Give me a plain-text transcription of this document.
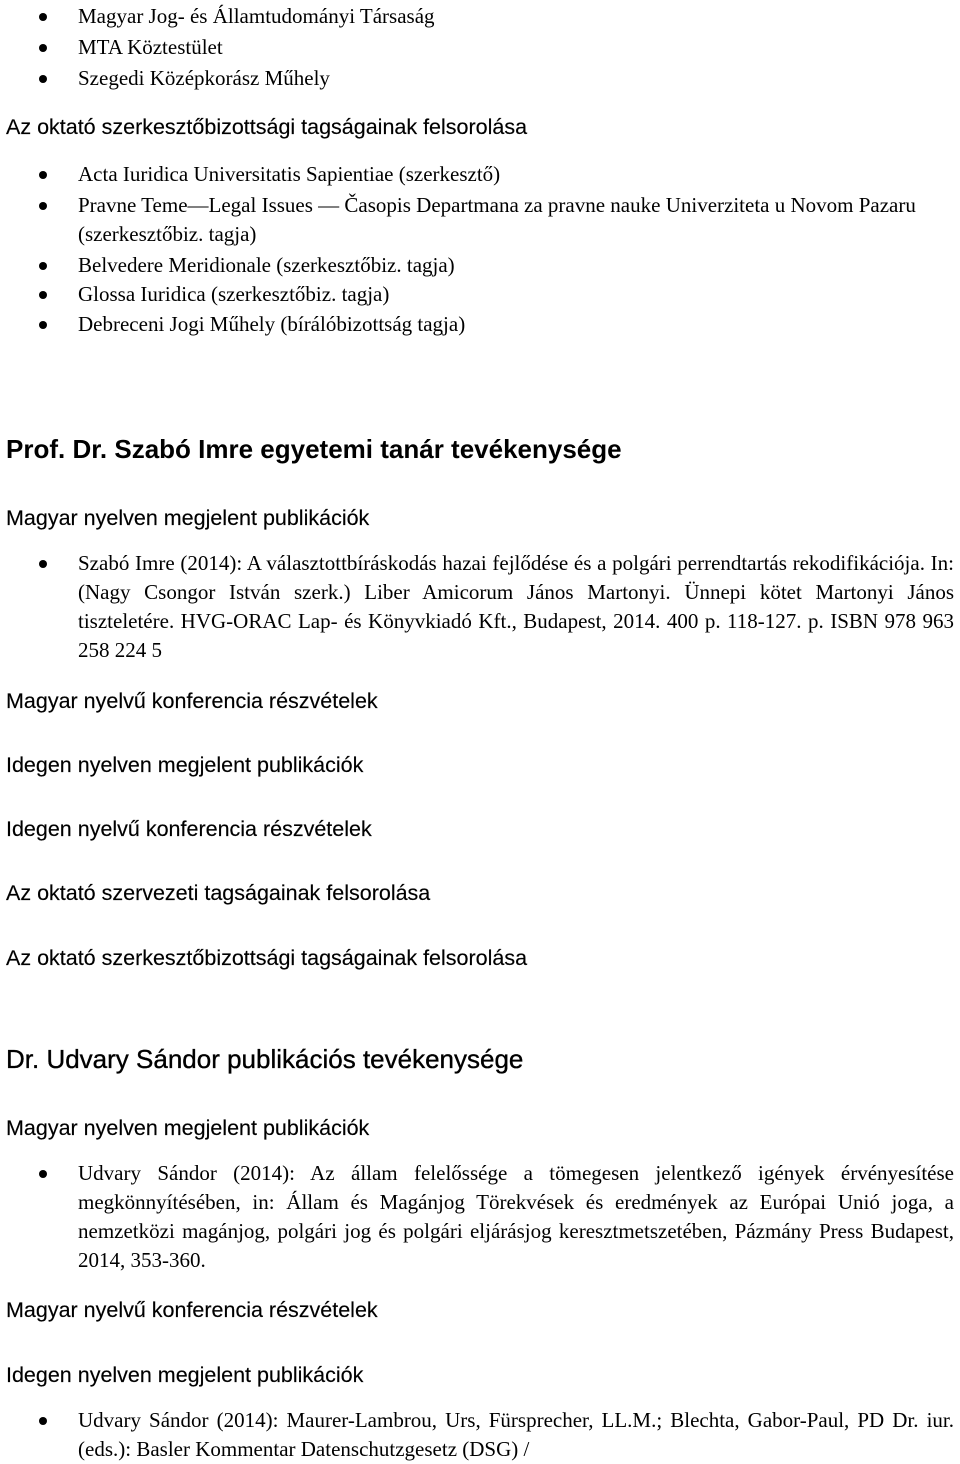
Magyar Jog- és Államtudományi Társaság
MTA Köztestület
Szegedi Középkorász Műhely
Az oktató szerkesztőbizottsági tagságainak felsorolása
Acta Iuridica Universitatis Sapientiae (szerkesztő)
Pravne Teme—Legal Issues — Časopis Departmana za pravne nauke Univerziteta u Novom Pazaru (szerkesztőbiz. tagja)
Belvedere Meridionale (szerkesztőbiz. tagja)
Glossa Iuridica (szerkesztőbiz. tagja)
Debreceni Jogi Műhely (bírálóbizottság tagja)
Prof. Dr. Szabó Imre egyetemi tanár tevékenysége
Magyar nyelven megjelent publikációk
Szabó Imre (2014): A választottbíráskodás hazai fejlődése és a polgári perrendtartás rekodifikációja. In: (Nagy Csongor István szerk.) Liber Amicorum János Martonyi. Ünnepi kötet Martonyi János tiszteletére. HVG-ORAC Lap- és Könyvkiadó Kft., Budapest, 2014. 400 p. 118-127. p. ISBN 978 963 258 224 5
Magyar nyelvű konferencia részvételek
Idegen nyelven megjelent publikációk
Idegen nyelvű konferencia részvételek
Az oktató szervezeti tagságainak felsorolása
Az oktató szerkesztőbizottsági tagságainak felsorolása
Dr. Udvary Sándor publikációs tevékenysége
Magyar nyelven megjelent publikációk
Udvary Sándor (2014): Az állam felelőssége a tömegesen jelentkező igények érvényesítése megkönnyítésében, in: Állam és Magánjog Törekvések és eredmények az Európai Unió joga, a nemzetközi magánjog, polgári jog és polgári eljárásjog keresztmetszetében, Pázmány Press Budapest, 2014, 353-360.
Magyar nyelvű konferencia részvételek
Idegen nyelven megjelent publikációk
Udvary Sándor (2014): Maurer-Lambrou, Urs, Fürsprecher, LL.M.; Blechta, Gabor-Paul, PD Dr. iur. (eds.): Basler Kommentar Datenschutzgesetz (DSG) /
